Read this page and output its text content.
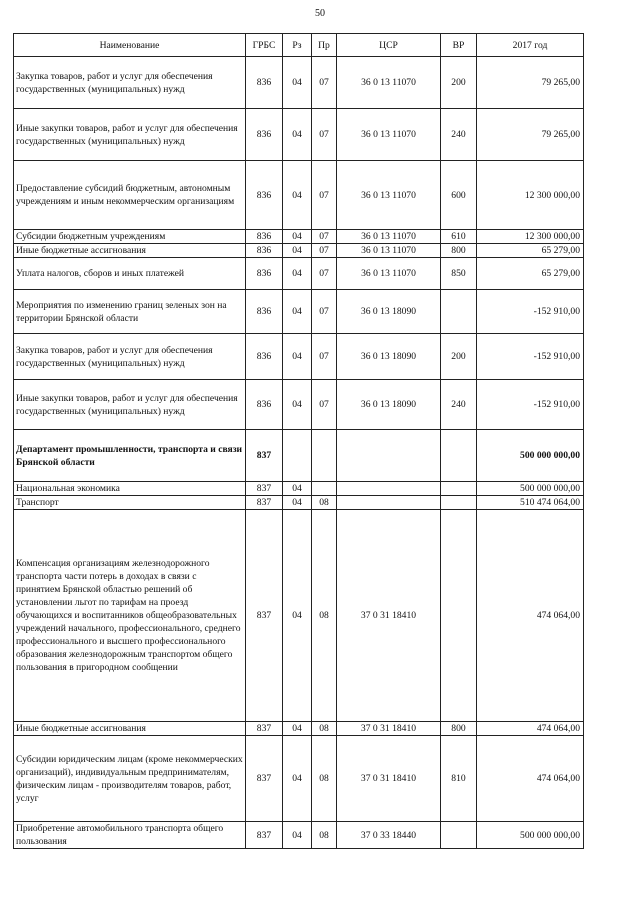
50
Наименование	ГРБС	Рз	Пр	ЦСР	ВР	2017 год
Закупка товаров, работ и услуг для обеспечения государственных (муниципальных) нужд	836	04	07	36 0 13 11070	200	79 265,00
Иные закупки товаров, работ и услуг для обеспечения государственных (муниципальных) нужд	836	04	07	36 0 13 11070	240	79 265,00
Предоставление субсидий бюджетным, автономным учреждениям и иным некоммерческим организациям	836	04	07	36 0 13 11070	600	12 300 000,00
Субсидии бюджетным учреждениям	836	04	07	36 0 13 11070	610	12 300 000,00
Иные бюджетные ассигнования	836	04	07	36 0 13 11070	800	65 279,00
Уплата налогов, сборов и иных платежей	836	04	07	36 0 13 11070	850	65 279,00
Мероприятия по изменению границ зеленых зон на территории Брянской области	836	04	07	36 0 13 18090		-152 910,00
Закупка товаров, работ и услуг для обеспечения государственных (муниципальных) нужд	836	04	07	36 0 13 18090	200	-152 910,00
Иные закупки товаров, работ и услуг для обеспечения государственных (муниципальных) нужд	836	04	07	36 0 13 18090	240	-152 910,00
Департамент промышленности, транспорта и связи Брянской области	837					500 000 000,00
Национальная экономика	837	04				500 000 000,00
Транспорт	837	04	08			510 474 064,00
Компенсация организациям железнодорожного транспорта части потерь в доходах в связи с принятием Брянской областью решений об установлении льгот по тарифам на проезд обучающихся и воспитанников общеобразовательных учреждений начального, профессионального, среднего профессионального и высшего профессионального образования железнодорожным транспортом общего пользования в пригородном сообщении	837	04	08	37 0 31 18410		474 064,00
Иные бюджетные ассигнования	837	04	08	37 0 31 18410	800	474 064,00
Субсидии юридическим лицам (кроме некоммерческих организаций), индивидуальным предпринимателям, физическим лицам - производителям товаров, работ, услуг	837	04	08	37 0 31 18410	810	474 064,00
Приобретение автомобильного транспорта общего пользования	837	04	08	37 0 33 18440		500 000 000,00
